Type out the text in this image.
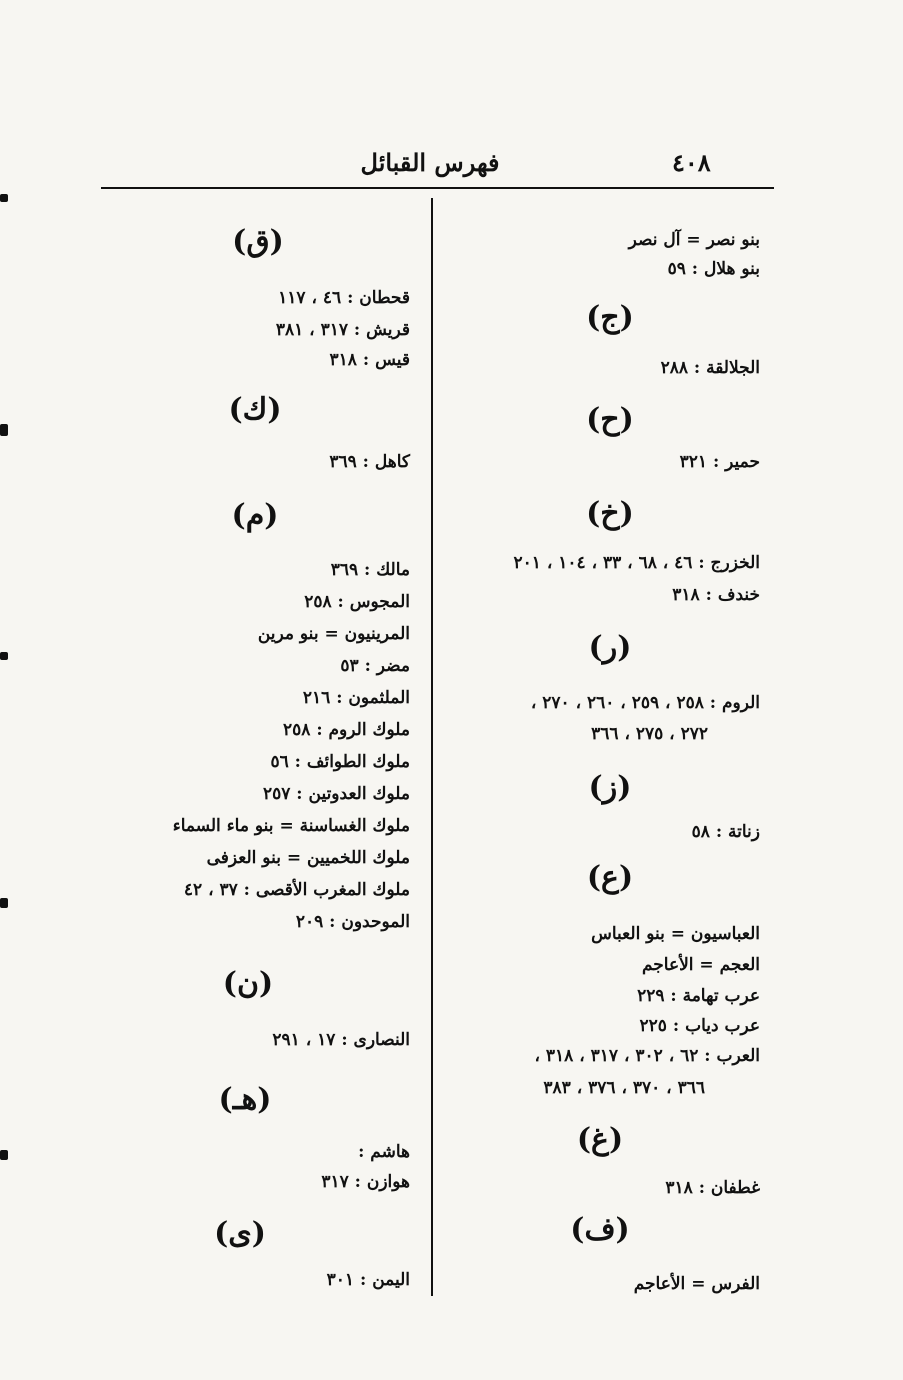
٤٠٨
فهرس القبائل
بنو نصر = آل نصر
بنو هلال : ٥٩
(ج)
الجلالقة : ٢٨٨
(ح)
حمير : ٣٢١
(خ)
الخزرج : ٤٦ ، ٦٨ ، ٣٣ ، ١٠٤ ، ٢٠١
خندف : ٣١٨
(ر)
الروم : ٢٥٨ ، ٢٥٩ ، ٢٦٠ ، ٢٧٠ ،
٢٧٢ ، ٢٧٥ ، ٣٦٦
(ز)
زناتة : ٥٨
(ع)
العباسيون = بنو العباس
العجم = الأعاجم
عرب تهامة : ٢٢٩
عرب دياب : ٢٢٥
العرب : ٦٢ ، ٣٠٢ ، ٣١٧ ، ٣١٨ ،
٣٦٦ ، ٣٧٠ ، ٣٧٦ ، ٣٨٣
(غ)
غطفان : ٣١٨
(ف)
الفرس = الأعاجم
(ق)
قحطان : ٤٦ ، ١١٧
قريش : ٣١٧ ، ٣٨١
قيس : ٣١٨
(ك)
كاهل : ٣٦٩
(م)
مالك : ٣٦٩
المجوس : ٢٥٨
المرينيون = بنو مرين
مضر : ٥٣
الملثمون : ٢١٦
ملوك الروم : ٢٥٨
ملوك الطوائف : ٥٦
ملوك العدوتين : ٢٥٧
ملوك الغساسنة = بنو ماء السماء
ملوك اللخميين = بنو العزفى
ملوك المغرب الأقصى : ٣٧ ، ٤٢
الموحدون : ٢٠٩
(ن)
النصارى : ١٧ ، ٢٩١
(هـ)
هاشم :
هوازن : ٣١٧
(ى)
اليمن : ٣٠١
